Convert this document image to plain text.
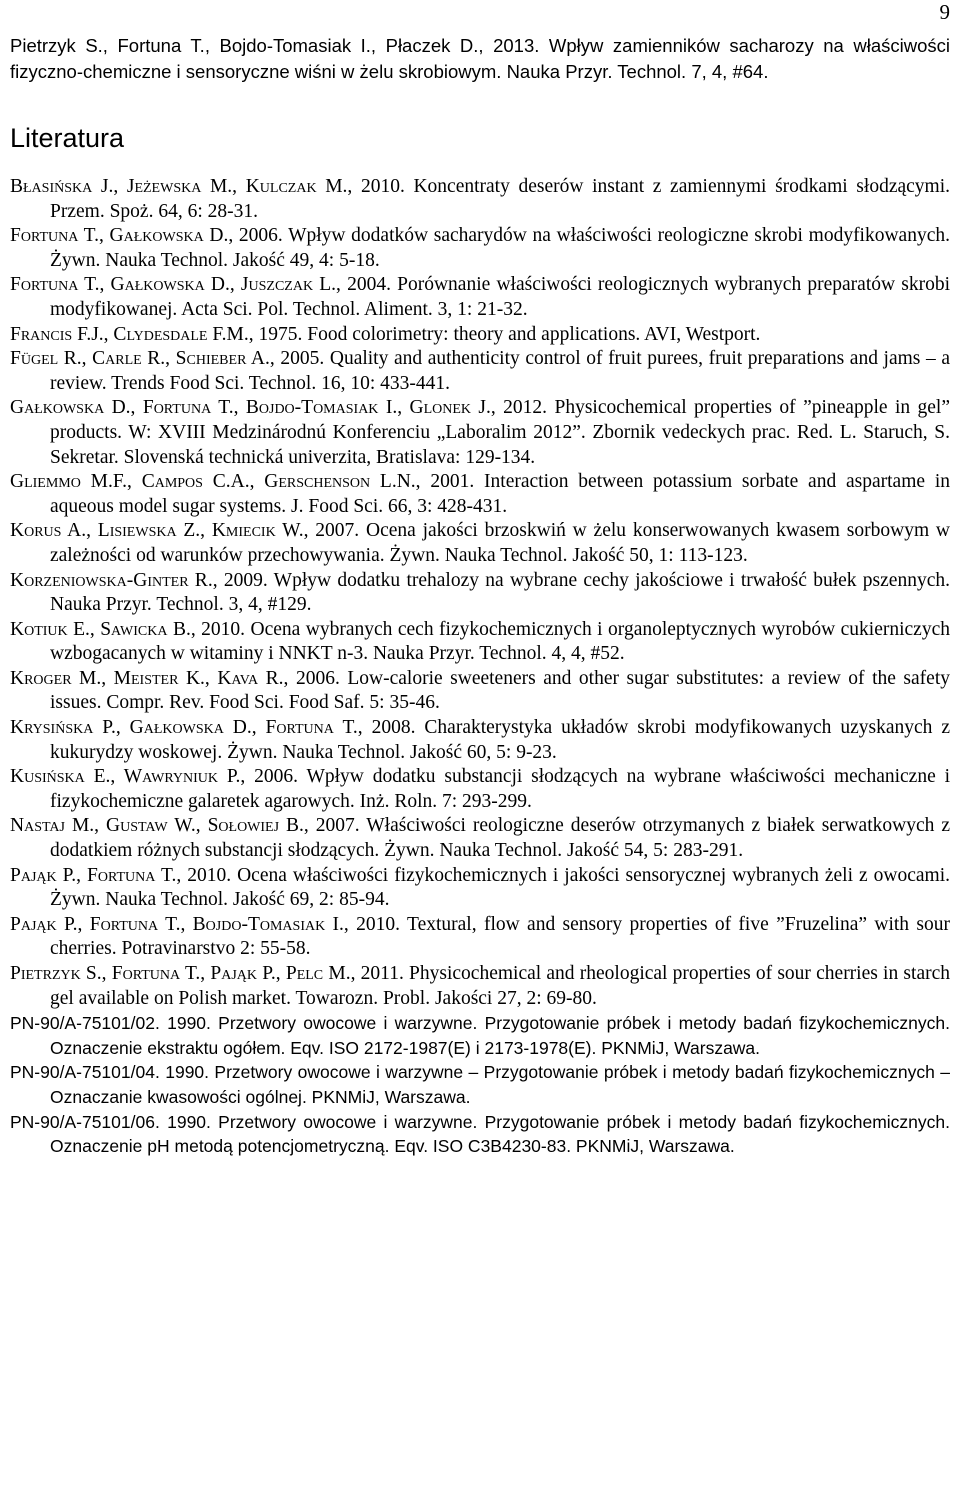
9
Pietrzyk S., Fortuna T., Bojdo-Tomasiak I., Płaczek D., 2013. Wpływ zamienników sacharozy na właściwości fizyczno-chemiczne i sensoryczne wiśni w żelu skrobiowym. Nauka Przyr. Technol. 7, 4, #64.
Literatura
Błasińska J., Jeżewska M., Kulczak M., 2010. Koncentraty deserów instant z zamiennymi środkami słodzącymi. Przem. Spoż. 64, 6: 28-31.
Fortuna T., Gałkowska D., 2006. Wpływ dodatków sacharydów na właściwości reologiczne skrobi modyfikowanych. Żywn. Nauka Technol. Jakość 49, 4: 5-18.
Fortuna T., Gałkowska D., Juszczak L., 2004. Porównanie właściwości reologicznych wybranych preparatów skrobi modyfikowanej. Acta Sci. Pol. Technol. Aliment. 3, 1: 21-32.
Francis F.J., Clydesdale F.M., 1975. Food colorimetry: theory and applications. AVI, Westport.
Fügel R., Carle R., Schieber A., 2005. Quality and authenticity control of fruit purees, fruit preparations and jams – a review. Trends Food Sci. Technol. 16, 10: 433-441.
Gałkowska D., Fortuna T., Bojdo-Tomasiak I., Glonek J., 2012. Physicochemical properties of ”pineapple in gel” products. W: XVIII Medzinárodnú Konferenciu „Laboralim 2012”. Zbornik vedeckych prac. Red. L. Staruch, S. Sekretar. Slovenská technická univerzita, Bratislava: 129-134.
Gliemmo M.F., Campos C.A., Gerschenson L.N., 2001. Interaction between potassium sorbate and aspartame in aqueous model sugar systems. J. Food Sci. 66, 3: 428-431.
Korus A., Lisiewska Z., Kmiecik W., 2007. Ocena jakości brzoskwiń w żelu konserwowanych kwasem sorbowym w zależności od warunków przechowywania. Żywn. Nauka Technol. Jakość 50, 1: 113-123.
Korzeniowska-Ginter R., 2009. Wpływ dodatku trehalozy na wybrane cechy jakościowe i trwałość bułek pszennych. Nauka Przyr. Technol. 3, 4, #129.
Kotiuk E., Sawicka B., 2010. Ocena wybranych cech fizykochemicznych i organoleptycznych wyrobów cukierniczych wzbogacanych w witaminy i NNKT n-3. Nauka Przyr. Technol. 4, 4, #52.
Kroger M., Meister K., Kava R., 2006. Low-calorie sweeteners and other sugar substitutes: a review of the safety issues. Compr. Rev. Food Sci. Food Saf. 5: 35-46.
Krysińska P., Gałkowska D., Fortuna T., 2008. Charakterystyka układów skrobi modyfikowanych uzyskanych z kukurydzy woskowej. Żywn. Nauka Technol. Jakość 60, 5: 9-23.
Kusińska E., Wawryniuk P., 2006. Wpływ dodatku substancji słodzących na wybrane właściwości mechaniczne i fizykochemiczne galaretek agarowych. Inż. Roln. 7: 293-299.
Nastaj M., Gustaw W., Sołowiej B., 2007. Właściwości reologiczne deserów otrzymanych z białek serwatkowych z dodatkiem różnych substancji słodzących. Żywn. Nauka Technol. Jakość 54, 5: 283-291.
Pająk P., Fortuna T., 2010. Ocena właściwości fizykochemicznych i jakości sensorycznej wybranych żeli z owocami. Żywn. Nauka Technol. Jakość 69, 2: 85-94.
Pająk P., Fortuna T., Bojdo-Tomasiak I., 2010. Textural, flow and sensory properties of five ”Fruzelina” with sour cherries. Potravinarstvo 2: 55-58.
Pietrzyk S., Fortuna T., Pająk P., Pelc M., 2011. Physicochemical and rheological properties of sour cherries in starch gel available on Polish market. Towarozn. Probl. Jakości 27, 2: 69-80.
PN-90/A-75101/02. 1990. Przetwory owocowe i warzywne. Przygotowanie próbek i metody badań fizykochemicznych. Oznaczenie ekstraktu ogółem. Eqv. ISO 2172-1987(E) i 2173-1978(E). PKNMiJ, Warszawa.
PN-90/A-75101/04. 1990. Przetwory owocowe i warzywne – Przygotowanie próbek i metody badań fizykochemicznych – Oznaczanie kwasowości ogólnej. PKNMiJ, Warszawa.
PN-90/A-75101/06. 1990. Przetwory owocowe i warzywne. Przygotowanie próbek i metody badań fizykochemicznych. Oznaczenie pH metodą potencjometryczną. Eqv. ISO C3B4230-83. PKNMiJ, Warszawa.
